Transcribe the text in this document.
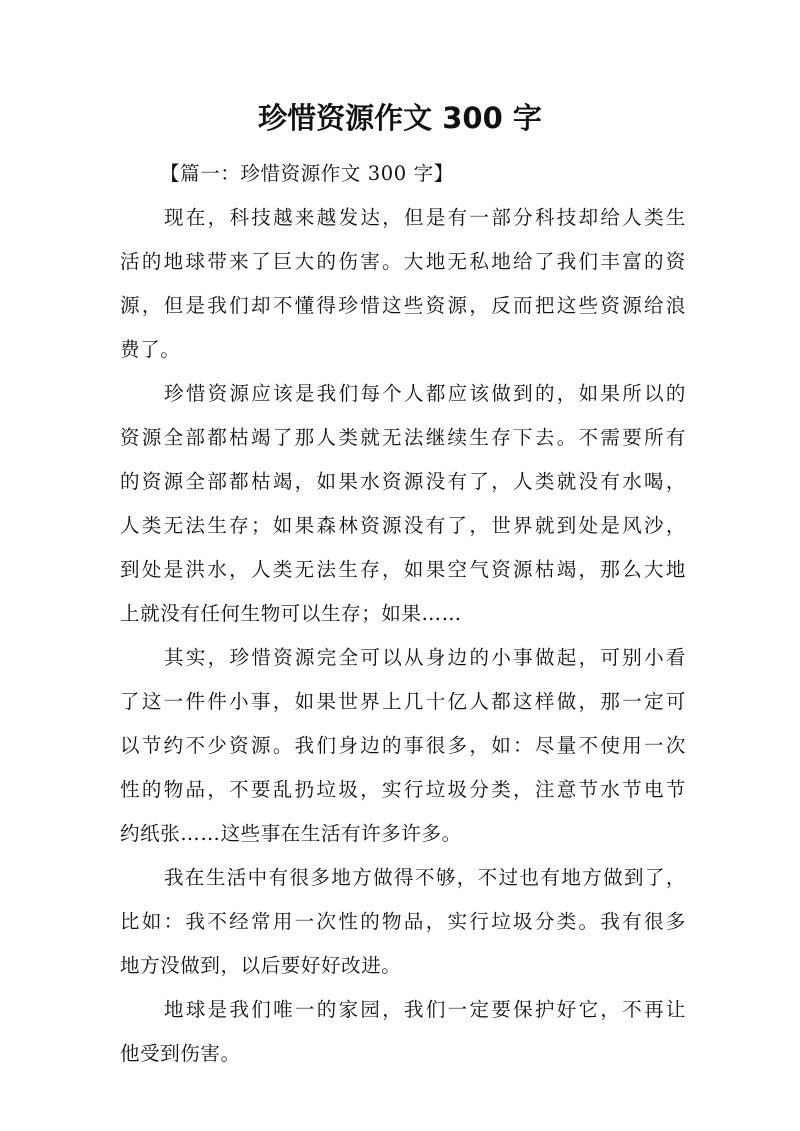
珍惜资源作文 300 字

【篇一：珍惜资源作文 300 字】

现在，科技越来越发达，但是有一部分科技却给人类生
活的地球带来了巨大的伤害。大地无私地给了我们丰富的资
源，但是我们却不懂得珍惜这些资源，反而把这些资源给浪
费了。

珍惜资源应该是我们每个人都应该做到的，如果所以的
资源全部都枯竭了那人类就无法继续生存下去。不需要所有
的资源全部都枯竭，如果水资源没有了，人类就没有水喝，
人类无法生存；如果森林资源没有了，世界就到处是风沙，
到处是洪水，人类无法生存，如果空气资源枯竭，那么大地
上就没有任何生物可以生存；如果……

其实，珍惜资源完全可以从身边的小事做起，可别小看
了这一件件小事，如果世界上几十亿人都这样做，那一定可
以节约不少资源。我们身边的事很多，如：尽量不使用一次
性的物品，不要乱扔垃圾，实行垃圾分类，注意节水节电节
约纸张……这些事在生活有许多许多。

我在生活中有很多地方做得不够，不过也有地方做到了，
比如：我不经常用一次性的物品，实行垃圾分类。我有很多
地方没做到，以后要好好改进。

地球是我们唯一的家园，我们一定要保护好它，不再让
他受到伤害。
